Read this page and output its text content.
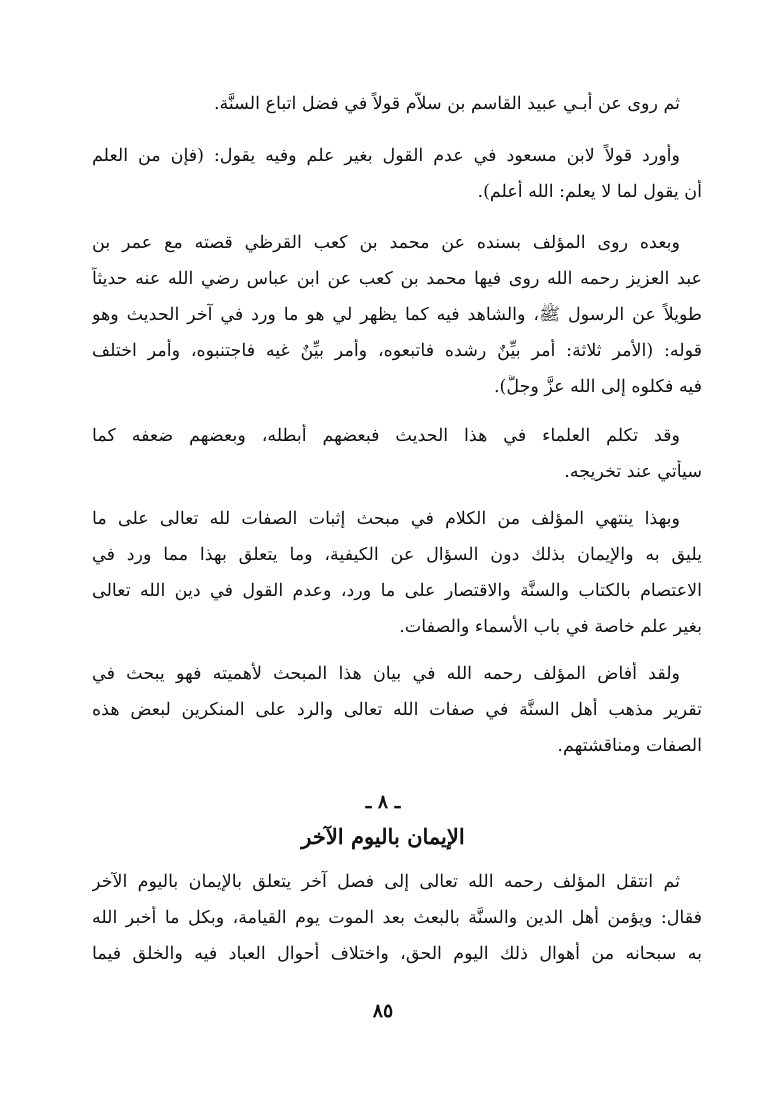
ثم روى عن أبـي عبيد القاسم بن سلاَّم قولاً في فضل اتباع السنَّة.
وأورد قولاً لابن مسعود في عدم القول بغير علم وفيه يقول: (فإن من العلم
أن يقول لما لا يعلم: الله أعلم).
وبعده روى المؤلف بسنده عن محمد بن كعب القرظي قصته مع عمر بن
عبد العزيز رحمه الله روى فيها محمد بن كعب عن ابن عباس رضي الله عنه حديثاً
طويلاً عن الرسول ﷺ، والشاهد فيه كما يظهر لي هو ما ورد في آخر الحديث وهو
قوله: (الأمر ثلاثة: أمر بيِّنٌ رشده فاتبعوه، وأمر بيِّنٌ غيه فاجتنبوه، وأمر اختلف
فيه فكلوه إلى الله عزَّ وجلَّ).
وقد تكلم العلماء في هذا الحديث فبعضهم أبطله، وبعضهم ضعفه كما
سيأتي عند تخريجه.
وبهذا ينتهي المؤلف من الكلام في مبحث إثبات الصفات لله تعالى على ما
يليق به والإيمان بذلك دون السؤال عن الكيفية، وما يتعلق بهذا مما ورد في
الاعتصام بالكتاب والسنَّة والاقتصار على ما ورد، وعدم القول في دين الله تعالى
بغير علم خاصة في باب الأسماء والصفات.
ولقد أفاض المؤلف رحمه الله في بيان هذا المبحث لأهميته فهو يبحث في
تقرير مذهب أهل السنَّة في صفات الله تعالى والرد على المنكرين لبعض هذه
الصفات ومناقشتهم.
ـ ٨ ـ
الإيمان باليوم الآخر
ثم انتقل المؤلف رحمه الله تعالى إلى فصل آخر يتعلق بالإيمان باليوم الآخر
فقال: ويؤمن أهل الدين والسنَّة بالبعث بعد الموت يوم القيامة، وبكل ما أخبر الله
به سبحانه من أهوال ذلك اليوم الحق، واختلاف أحوال العباد فيه والخلق فيما
٨٥
